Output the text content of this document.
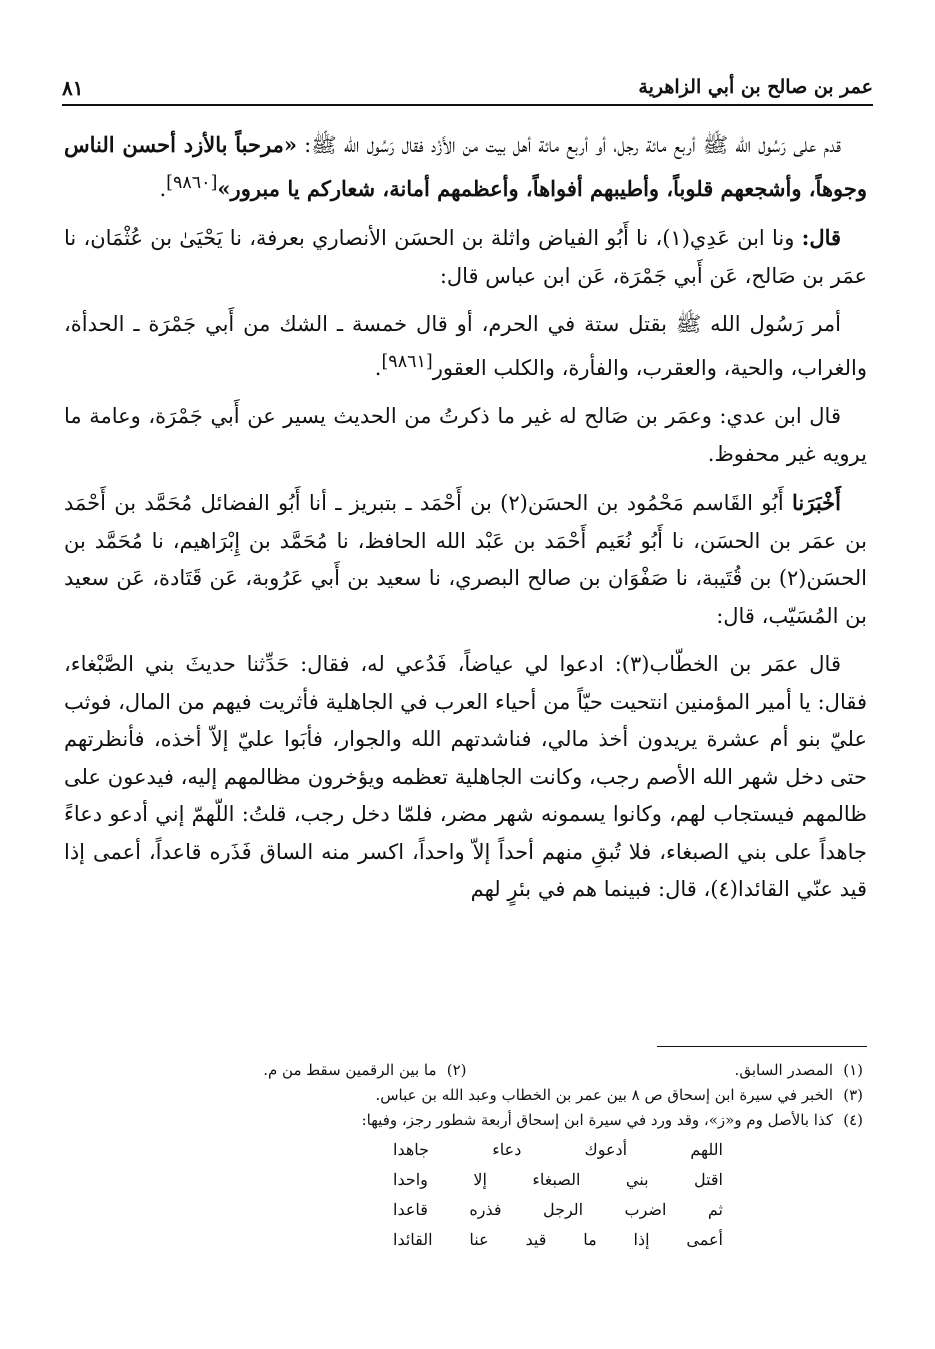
عمر بن صالح بن أبي الزاهرية
٨١

قدم على رَسُول الله ﷺ أربع مائة رجل، أو أربع مائة أهل بيت من الأَزْد فقال رَسُول الله ﷺ: «مرحباً بالأزد أحسن الناس وجوهاً، وأشجعهم قلوباً، وأطيبهم أفواهاً، وأعظمهم أمانة، شعاركم يا مبرور»[٩٨٦٠].

قال: ونا ابن عَدِي(١)، نا أَبُو الفياض واثلة بن الحسَن الأنصاري بعرفة، نا يَحْيَىٰ بن عُثْمَان، نا عمَر بن صَالح، عَن أَبي جَمْرَة، عَن ابن عباس قال:

أمر رَسُول الله ﷺ بقتل ستة في الحرم، أو قال خمسة ـ الشك من أَبي جَمْرَة ـ الحدأة، والغراب، والحية، والعقرب، والفأرة، والكلب العقور[٩٨٦١].

قال ابن عدي: وعمَر بن صَالح له غير ما ذكرتُ من الحديث يسير عن أَبي جَمْرَة، وعامة ما يرويه غير محفوظ.

أَخْبَرَنا أَبُو القَاسم مَحْمُود بن الحسَن(٢) بن أَحْمَد ـ بتبريز ـ أنا أَبُو الفضائل مُحَمَّد بن أَحْمَد بن عمَر بن الحسَن، نا أَبُو نُعَيم أَحْمَد بن عَبْد الله الحافظ، نا مُحَمَّد بن إِبْرَاهيم، نا مُحَمَّد بن الحسَن(٢) بن قُتَيبة، نا صَفْوَان بن صالح البصري، نا سعيد بن أَبي عَرُوبة، عَن قَتَادة، عَن سعيد بن المُسَيّب، قال:

قال عمَر بن الخطّاب(٣): ادعوا لي عياضاً، فَدُعي له، فقال: حَدِّثنا حديثَ بني الصَّبْغاء، فقال: يا أمير المؤمنين انتحيت حيّاً من أحياء العرب في الجاهلية فأثريت فيهم من المال، فوثب عليّ بنو أم عشرة يريدون أخذ مالي، فناشدتهم الله والجوار، فأبَوا عليّ إلاّ أخذه، فأنظرتهم حتى دخل شهر الله الأصم رجب، وكانت الجاهلية تعظمه ويؤخرون مظالمهم إليه، فيدعون على ظالمهم فيستجاب لهم، وكانوا يسمونه شهر مضر، فلمّا دخل رجب، قلتُ: اللّهمّ إني أدعو دعاءً جاهداً على بني الصبغاء، فلا تُبقِ منهم أحداً إلاّ واحداً، اكسر منه الساق فَذَره قاعداً، أعمى إذا قيد عنّي القائدا(٤)، قال: فبينما هم في بئرٍ لهم

(١)
المصدر السابق.
(٢)
ما بين الرقمين سقط من م.
(٣)
الخبر في سيرة ابن إسحاق ص ٨ بين عمر بن الخطاب وعبد الله بن عباس.
(٤)
كذا بالأصل وم و«ز»، وقد ورد في سيرة ابن إسحاق أربعة شطور رجز، وفيها:
اللهم أدعوك دعاء جاهدا
اقتل بني الصبغاء إلا واحدا
ثم اضرب الرجل فذره قاعدا
أعمى إذا ما قيد عنا القائدا
